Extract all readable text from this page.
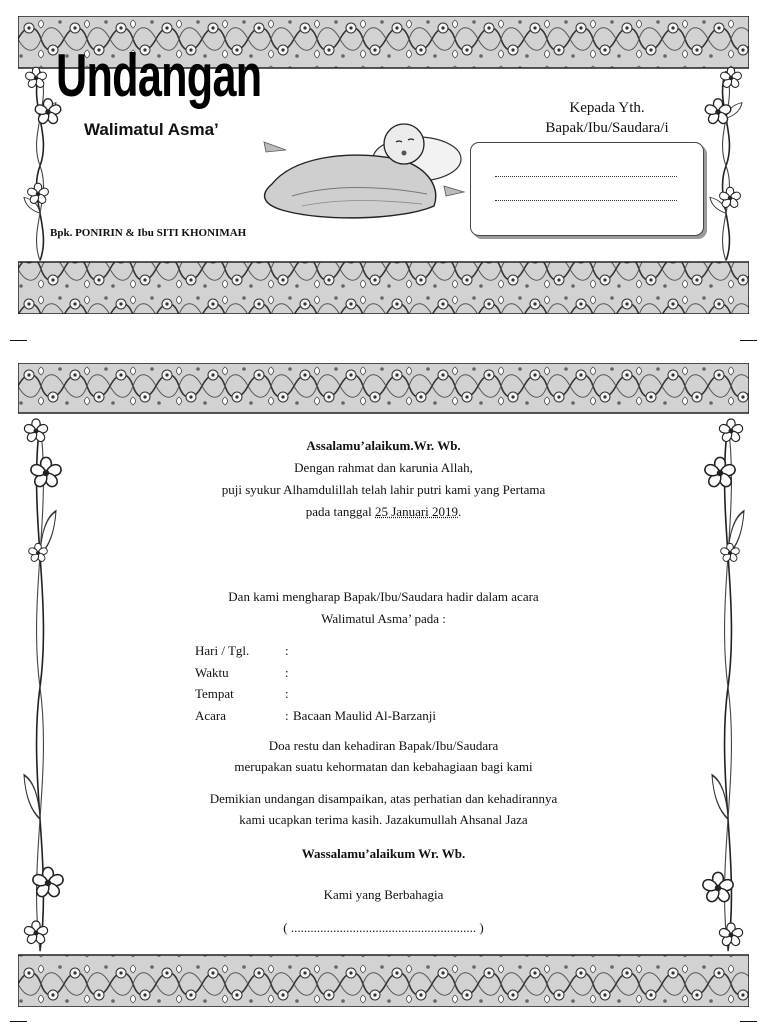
Undangan
Walimatul Asma’
Bpk. PONIRIN & Ibu SITI KHONIMAH
Kepada Yth.
Bapak/Ibu/Saudara/i
Assalamu’alaikum.Wr. Wb.
Dengan rahmat dan karunia Allah,
puji syukur Alhamdulillah telah lahir putri kami yang Pertama
pada tanggal 25 Januari 2019.
Dan kami mengharap Bapak/Ibu/Saudara hadir dalam acara
Walimatul Asma’ pada :
Hari / Tgl.	:
Waktu	:
Tempat	:
Acara	: Bacaan Maulid Al-Barzanji
Doa restu dan kehadiran Bapak/Ibu/Saudara
merupakan suatu kehormatan dan kebahagiaan bagi kami
Demikian undangan disampaikan, atas perhatian dan kehadirannya
kami ucapkan terima kasih. Jazakumullah Ahsanal Jaza
Wassalamu’alaikum Wr. Wb.
Kami yang Berbahagia
( ......................................................... )
